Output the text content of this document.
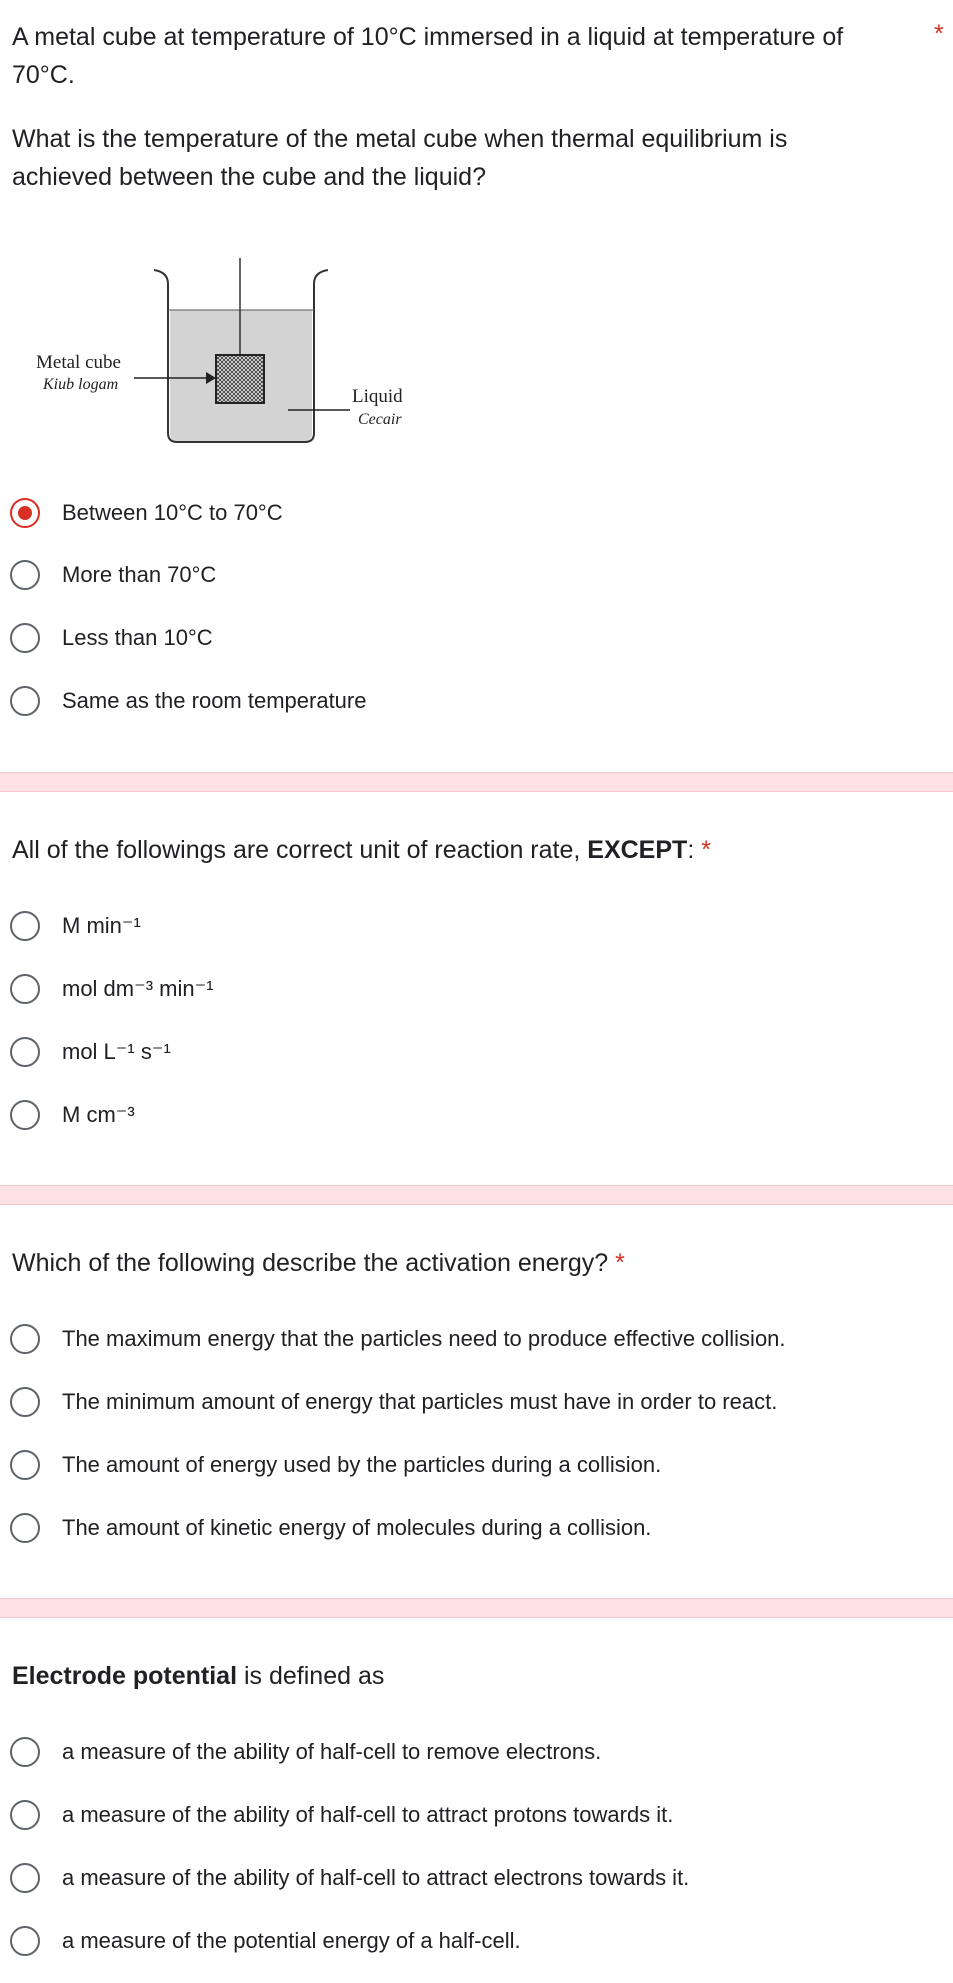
A metal cube at temperature of 10°C immersed in a liquid at temperature of
70°C.
*
What is the temperature of the metal cube when thermal equilibrium is
achieved between the cube and the liquid?
Metal cube
Kiub logam
Liquid
Cecair
Between 10°C to 70°C
More than 70°C
Less than 10°C
Same as the room temperature
All of the followings are correct unit of reaction rate, EXCEPT: *
M min⁻¹
mol dm⁻³ min⁻¹
mol L⁻¹ s⁻¹
M cm⁻³
Which of the following describe the activation energy? *
The maximum energy that the particles need to produce effective collision.
The minimum amount of energy that particles must have in order to react.
The amount of energy used by the particles during a collision.
The amount of kinetic energy of molecules during a collision.
Electrode potential is defined as
a measure of the ability of half-cell to remove electrons.
a measure of the ability of half-cell to attract protons towards it.
a measure of the ability of half-cell to attract electrons towards it.
a measure of the potential energy of a half-cell.
